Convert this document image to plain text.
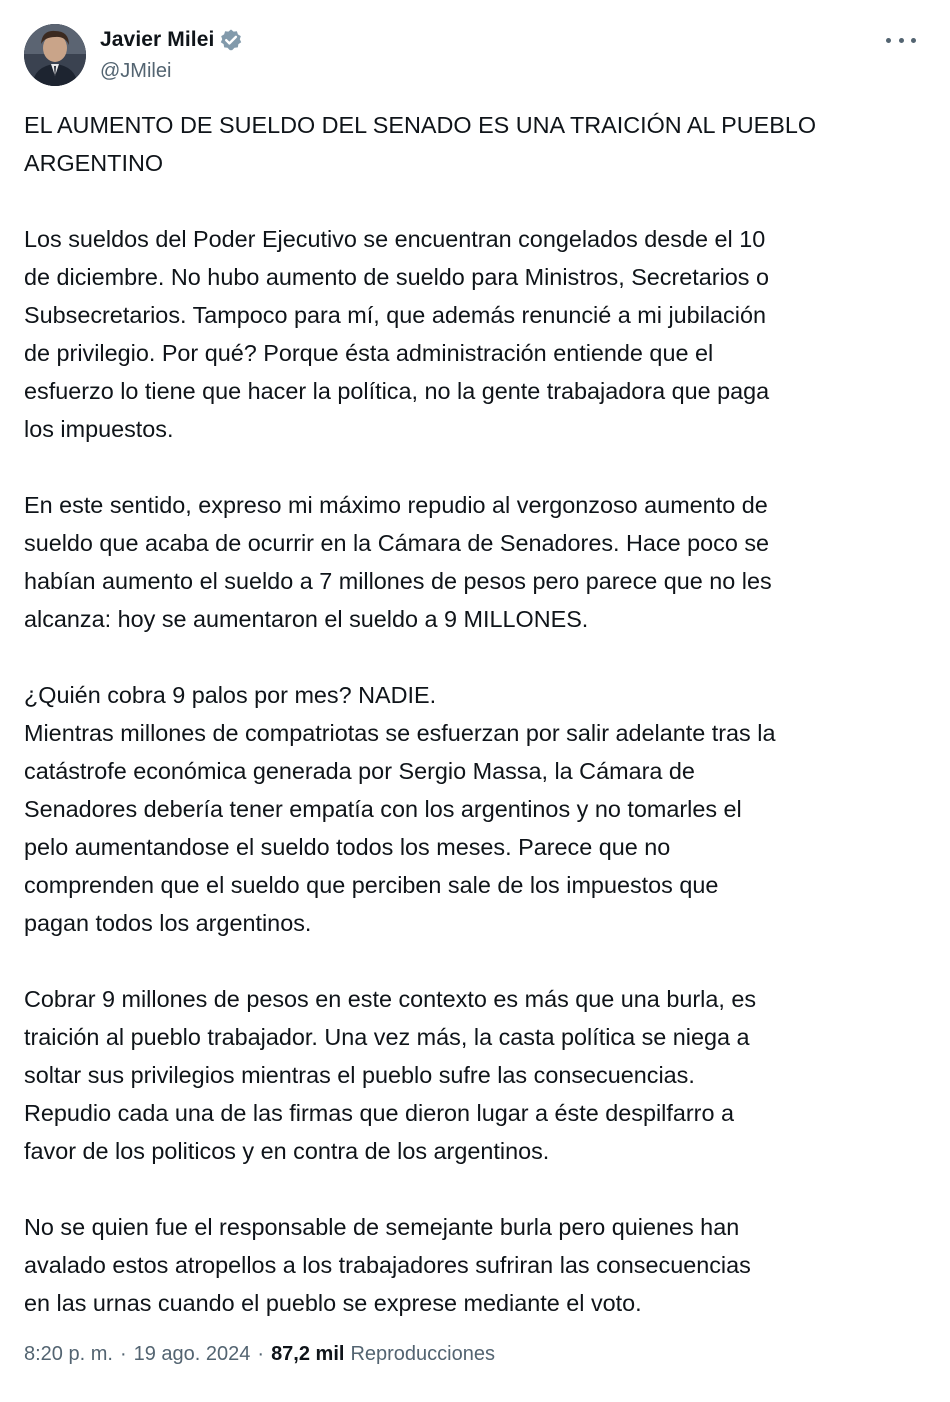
Javier Milei
@JMilei

EL AUMENTO DE SUELDO DEL SENADO ES UNA TRAICIÓN AL PUEBLO
ARGENTINO

Los sueldos del Poder Ejecutivo se encuentran congelados desde el 10
de diciembre. No hubo aumento de sueldo para Ministros, Secretarios o
Subsecretarios. Tampoco para mí, que además renuncié a mi jubilación
de privilegio. Por qué? Porque ésta administración entiende que el
esfuerzo lo tiene que hacer la política, no la gente trabajadora que paga
los impuestos.

En este sentido, expreso mi máximo repudio al vergonzoso aumento de
sueldo que acaba de ocurrir en la Cámara de Senadores. Hace poco se
habían aumento el sueldo a 7 millones de pesos pero parece que no les
alcanza: hoy se aumentaron el sueldo a 9 MILLONES.

¿Quién cobra 9 palos por mes? NADIE.
Mientras millones de compatriotas se esfuerzan por salir adelante tras la
catástrofe económica generada por Sergio Massa, la Cámara de
Senadores debería tener empatía con los argentinos y no tomarles el
pelo aumentandose el sueldo todos los meses. Parece que no
comprenden que el sueldo que perciben sale de los impuestos que
pagan todos los argentinos.

Cobrar 9 millones de pesos en este contexto es más que una burla, es
traición al pueblo trabajador. Una vez más, la casta política se niega a
soltar sus privilegios mientras el pueblo sufre las consecuencias.
Repudio cada una de las firmas que dieron lugar a éste despilfarro a
favor de los politicos y en contra de los argentinos.

No se quien fue el responsable de semejante burla pero quienes han
avalado estos atropellos a los trabajadores sufriran las consecuencias
en las urnas cuando el pueblo se exprese mediante el voto.

8:20 p. m. · 19 ago. 2024 · 87,2 mil Reproducciones
